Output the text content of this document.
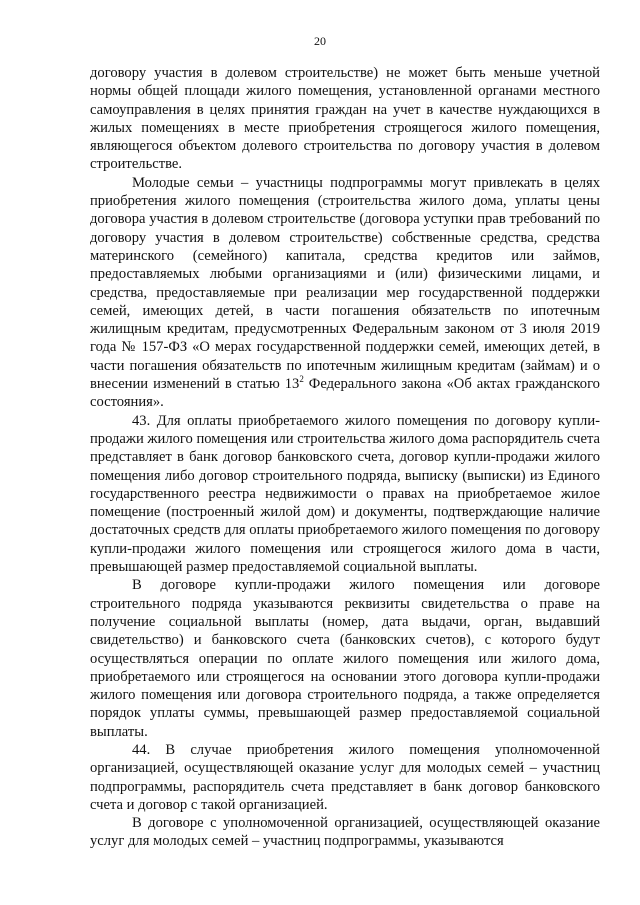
20

договору участия в долевом строительстве) не может быть меньше учетной нормы общей площади жилого помещения, установленной органами местного самоуправления в целях принятия граждан на учет в качестве нуждающихся в жилых помещениях в месте приобретения строящегося жилого помещения, являющегося объектом долевого строительства по договору участия в долевом строительстве.

Молодые семьи – участницы подпрограммы могут привлекать в целях приобретения жилого помещения (строительства жилого дома, уплаты цены договора участия в долевом строительстве (договора уступки прав требований по договору участия в долевом строительстве) собственные средства, средства материнского (семейного) капитала, средства кредитов или займов, предоставляемых любыми организациями и (или) физическими лицами, и средства, предоставляемые при реализации мер государственной поддержки семей, имеющих детей, в части погашения обязательств по ипотечным жилищным кредитам, предусмотренных Федеральным законом от 3 июля 2019 года № 157-ФЗ «О мерах государственной поддержки семей, имеющих детей, в части погашения обязательств по ипотечным жилищным кредитам (займам) и о внесении изменений в статью $13^2$ Федерального закона «Об актах гражданского состояния».

43. Для оплаты приобретаемого жилого помещения по договору купли-продажи жилого помещения или строительства жилого дома распорядитель счета представляет в банк договор банковского счета, договор купли-продажи жилого помещения либо договор строительного подряда, выписку (выписки) из Единого государственного реестра недвижимости о правах на приобретаемое жилое помещение (построенный жилой дом) и документы, подтверждающие наличие достаточных средств для оплаты приобретаемого жилого помещения по договору купли-продажи жилого помещения или строящегося жилого дома в части, превышающей размер предоставляемой социальной выплаты.

В договоре купли-продажи жилого помещения или договоре строительного подряда указываются реквизиты свидетельства о праве на получение социальной выплаты (номер, дата выдачи, орган, выдавший свидетельство) и банковского счета (банковских счетов), с которого будут осуществляться операции по оплате жилого помещения или жилого дома, приобретаемого или строящегося на основании этого договора купли-продажи жилого помещения или договора строительного подряда, а также определяется порядок уплаты суммы, превышающей размер предоставляемой социальной выплаты.

44. В случае приобретения жилого помещения уполномоченной организацией, осуществляющей оказание услуг для молодых семей – участниц подпрограммы, распорядитель счета представляет в банк договор банковского счета и договор с такой организацией.

В договоре с уполномоченной организацией, осуществляющей оказание услуг для молодых семей – участниц подпрограммы, указываются
